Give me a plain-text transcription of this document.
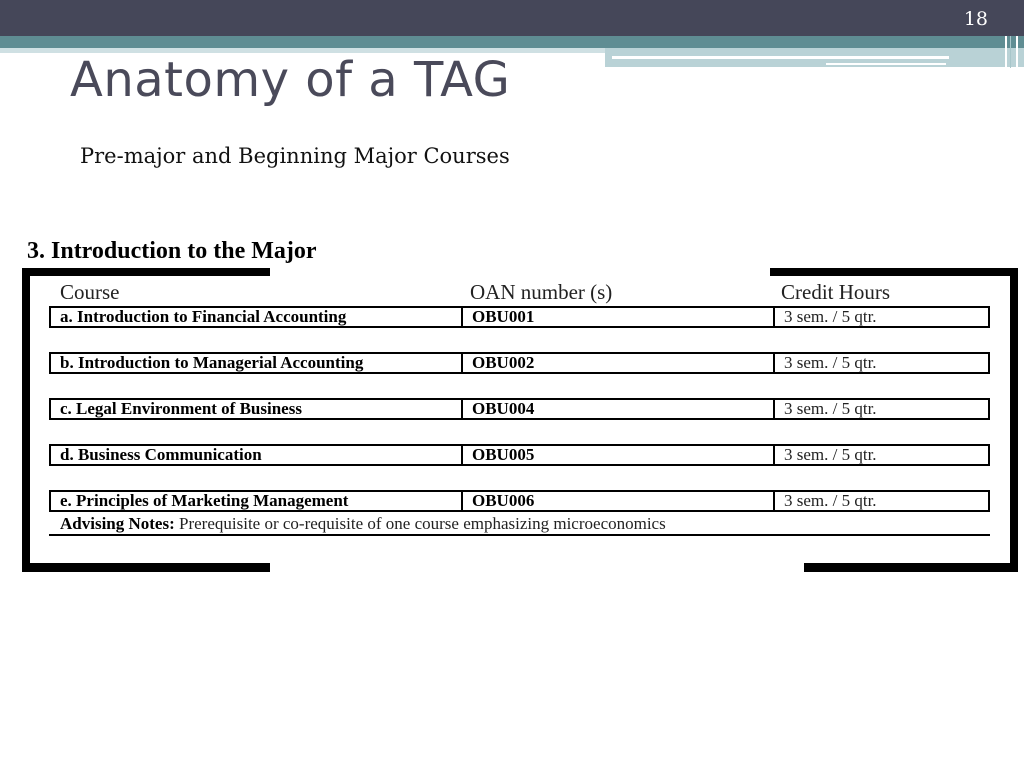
18
Anatomy of a TAG
Pre-major and Beginning Major Courses
3. Introduction to the Major
Course	OAN number (s)	Credit Hours
a. Introduction to Financial Accounting	OBU001	3 sem. / 5 qtr.
b. Introduction to Managerial Accounting	OBU002	3 sem. / 5 qtr.
c. Legal Environment of Business	OBU004	3 sem. / 5 qtr.
d. Business Communication	OBU005	3 sem. / 5 qtr.
e. Principles of Marketing Management	OBU006	3 sem. / 5 qtr.
Advising Notes: Prerequisite or co-requisite of one course emphasizing microeconomics
